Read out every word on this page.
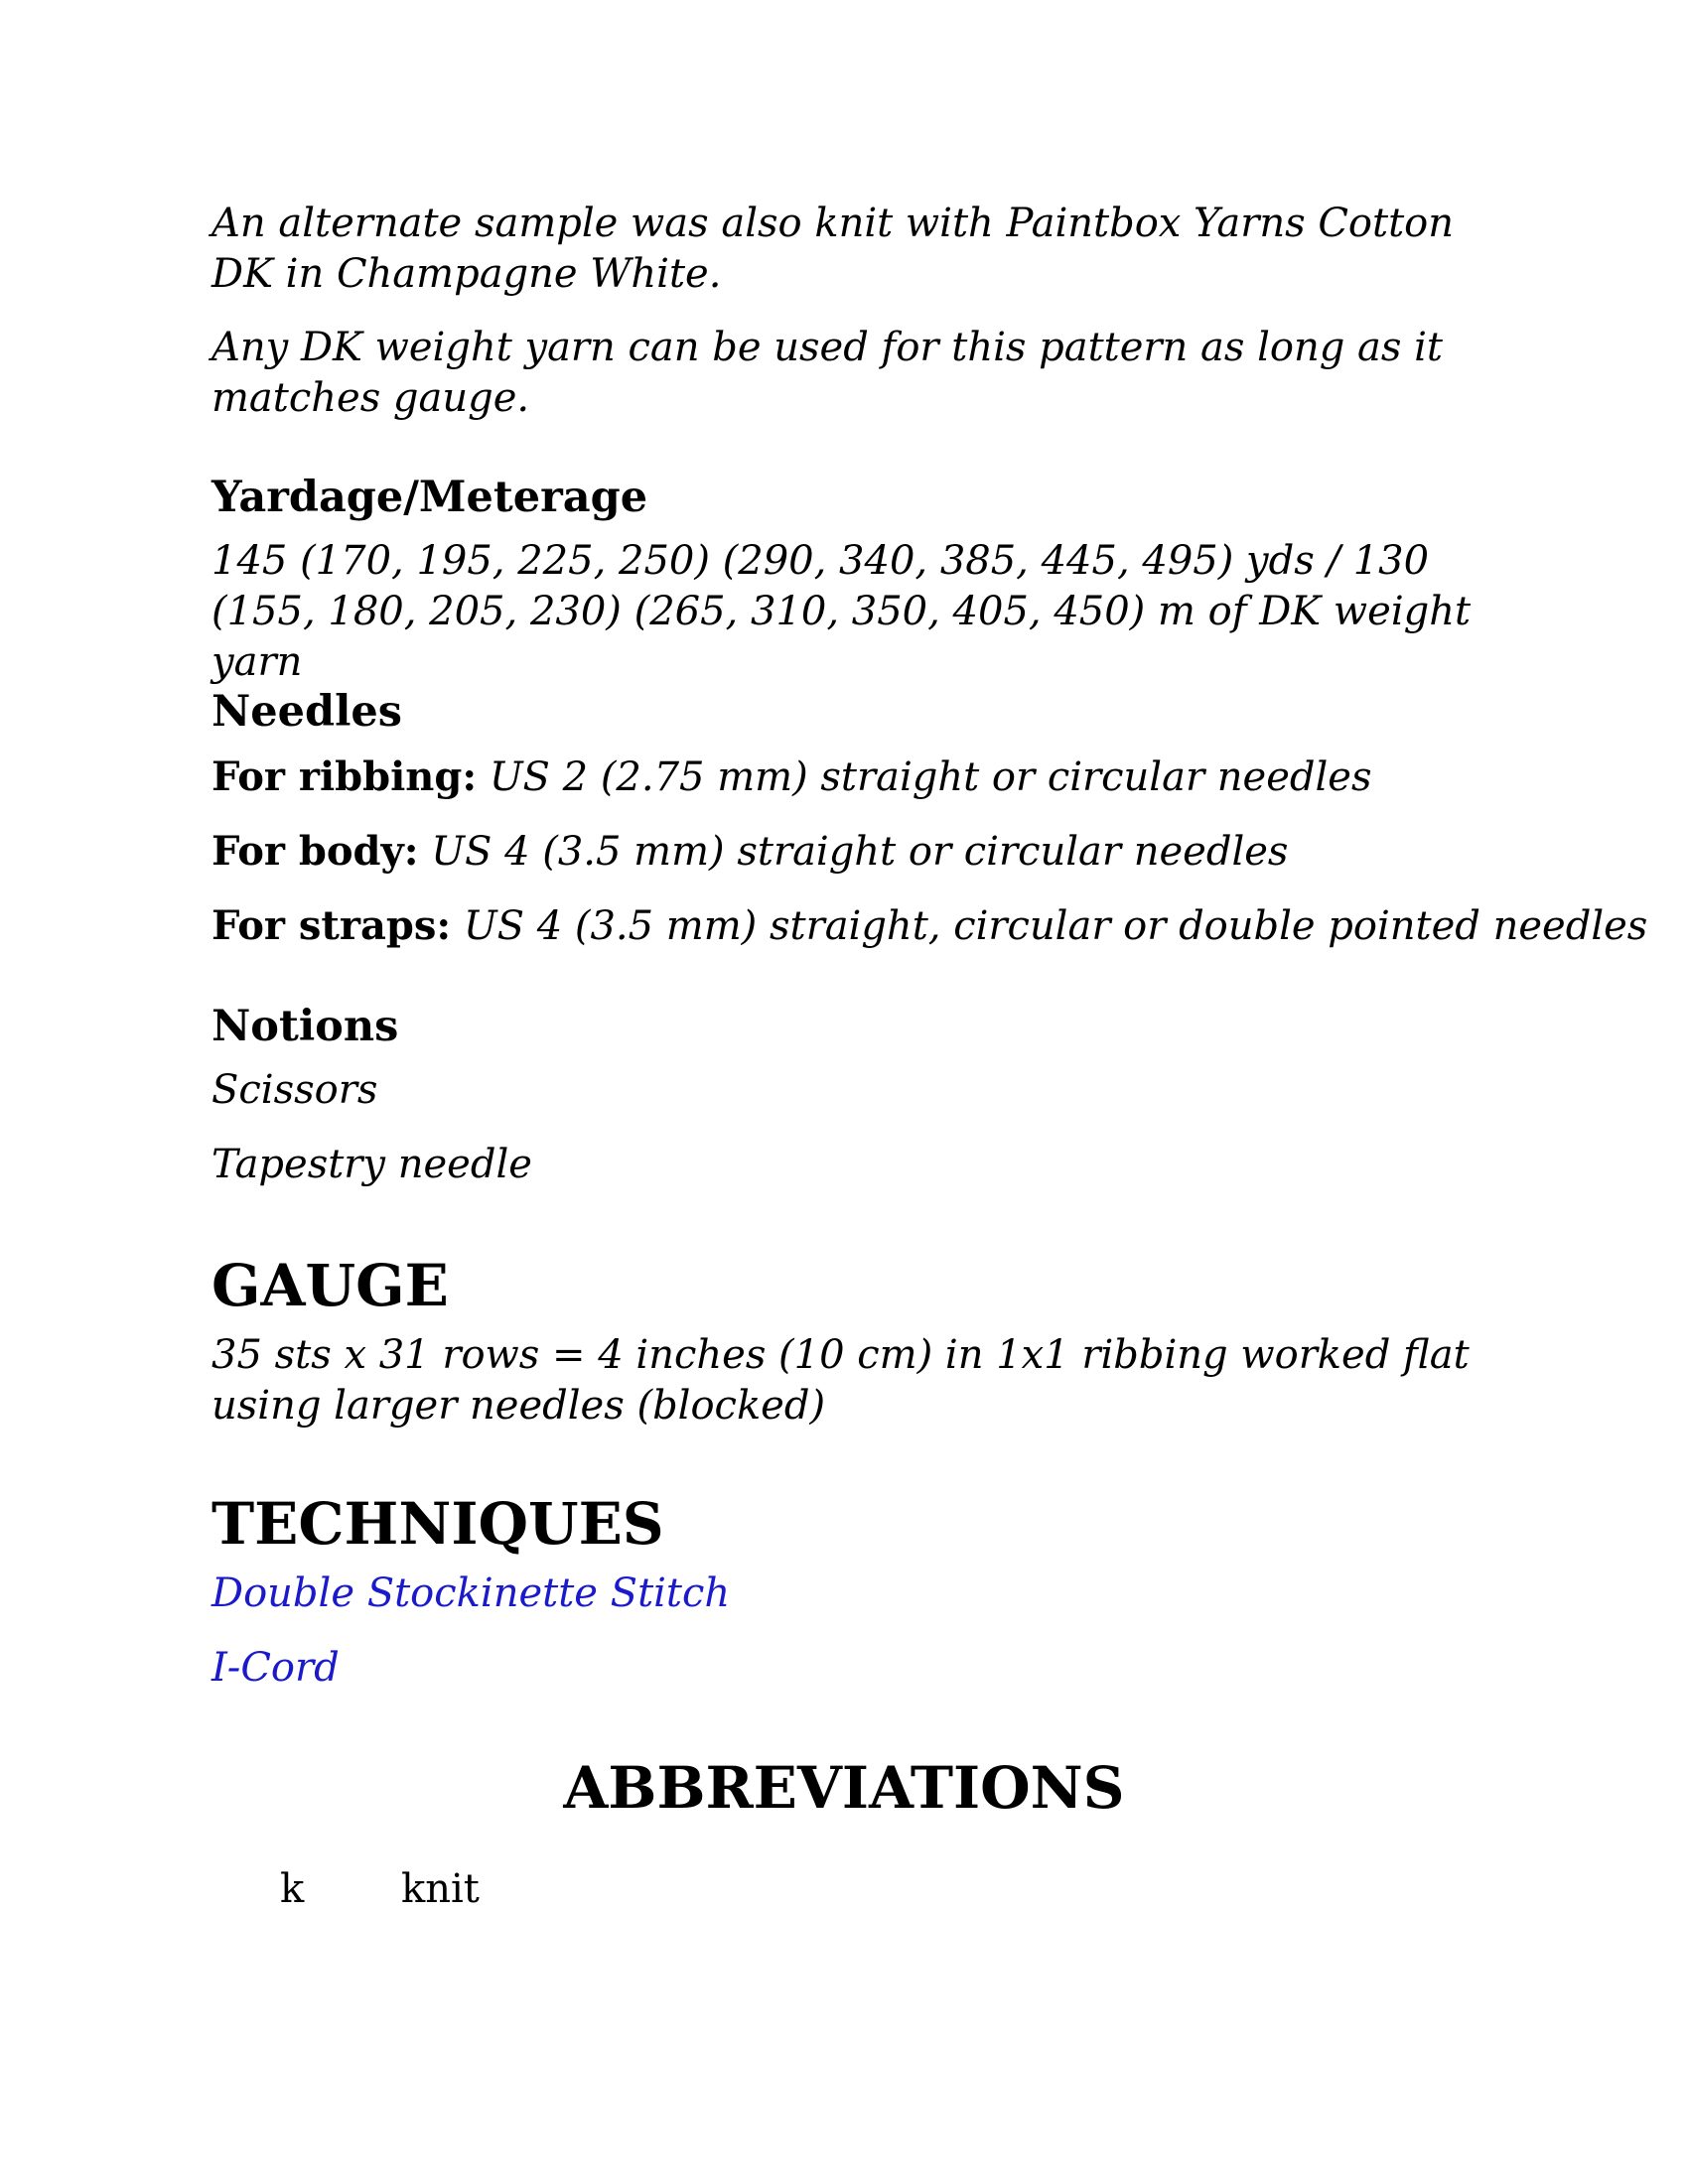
An alternate sample was also knit with Paintbox Yarns Cotton DK in Champagne White.

Any DK weight yarn can be used for this pattern as long as it matches gauge.

Yardage/Meterage

145 (170, 195, 225, 250) (290, 340, 385, 445, 495) yds / 130 (155, 180, 205, 230) (265, 310, 350, 405, 450) m of DK weight yarn

Needles

For ribbing: US 2 (2.75 mm) straight or circular needles

For body: US 4 (3.5 mm) straight or circular needles

For straps: US 4 (3.5 mm) straight, circular or double pointed needles

Notions

Scissors

Tapestry needle

GAUGE

35 sts x 31 rows = 4 inches (10 cm) in 1x1 ribbing worked flat using larger needles (blocked)

TECHNIQUES

Double Stockinette Stitch

I-Cord

ABBREVIATIONS

k knit
